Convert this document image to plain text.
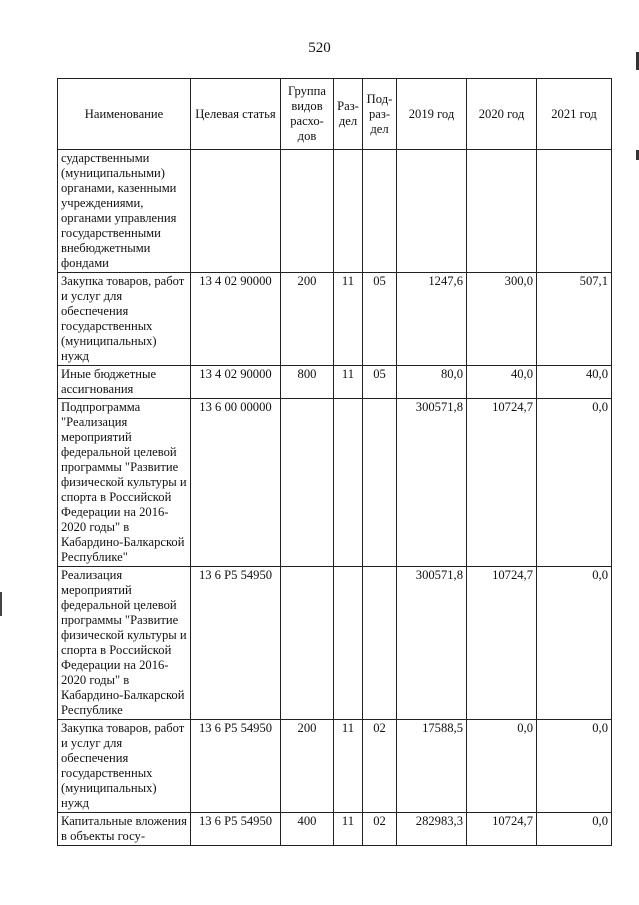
520
Наименование	Целевая статья	Группа видов расхо-дов	Раз-дел	Под-раз-дел	2019 год	2020 год	2021 год
сударственными (муниципальными) органами, казенными учреждениями, органами управления государственными внебюджетными фондами							
Закупка товаров, работ и услуг для обеспечения государственных (муниципальных) нужд	13 4 02 90000	200	11	05	1247,6	300,0	507,1
Иные бюджетные ассигнования	13 4 02 90000	800	11	05	80,0	40,0	40,0
Подпрограмма "Реализация мероприятий федеральной целевой программы "Развитие физической культуры и спорта в Российской Федерации на 2016-2020 годы" в Кабардино-Балкарской Республике"	13 6 00 00000				300571,8	10724,7	0,0
Реализация мероприятий федеральной целевой программы "Развитие физической культуры и спорта в Российской Федерации на 2016-2020 годы" в Кабардино-Балкарской Республике	13 6 P5 54950				300571,8	10724,7	0,0
Закупка товаров, работ и услуг для обеспечения государственных (муниципальных) нужд	13 6 P5 54950	200	11	02	17588,5	0,0	0,0
Капитальные вложения в объекты госу-	13 6 P5 54950	400	11	02	282983,3	10724,7	0,0
